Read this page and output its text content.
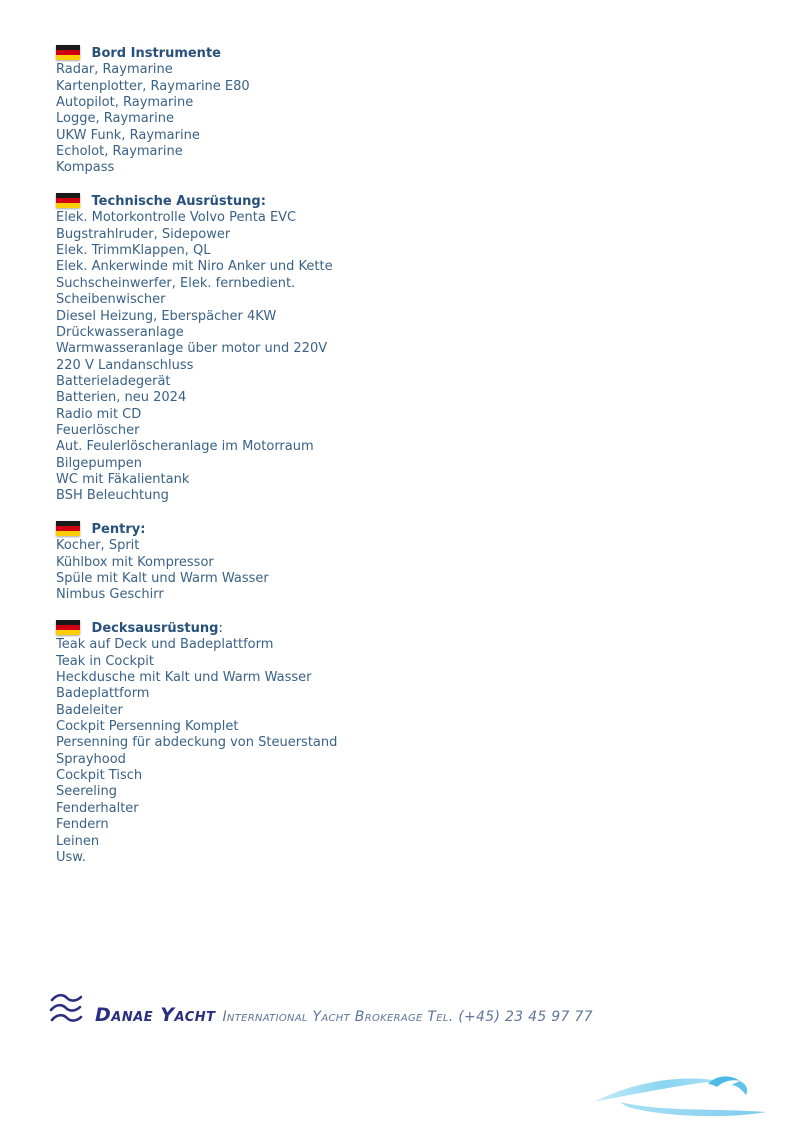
Bord Instrumente
Radar, Raymarine
Kartenplotter, Raymarine E80
Autopilot, Raymarine
Logge, Raymarine
UKW Funk, Raymarine
Echolot, Raymarine
Kompass
Technische Ausrüstung:
Elek. Motorkontrolle Volvo Penta EVC
Bugstrahlruder, Sidepower
Elek. TrimmKlappen, QL
Elek. Ankerwinde mit Niro Anker und Kette
Suchscheinwerfer, Elek. fernbedient.
Scheibenwischer
Diesel Heizung, Eberspächer 4KW
Drückwasseranlage
Warmwasseranlage über motor und 220V
220 V Landanschluss
Batterieladegerät
Batterien, neu 2024
Radio mit CD
Feuerlöscher
Aut. Feulerlöscheranlage im Motorraum
Bilgepumpen
WC mit Fäkalientank
BSH Beleuchtung
Pentry:
Kocher, Sprit
Kühlbox mit Kompressor
Spüle mit Kalt und Warm Wasser
Nimbus Geschirr
Decksausrüstung:
Teak auf Deck und Badeplattform
Teak in Cockpit
Heckdusche mit Kalt und Warm Wasser
Badeplattform
Badeleiter
Cockpit Persenning Komplet
Persenning für abdeckung von Steuerstand
Sprayhood
Cockpit Tisch
Seereling
Fenderhalter
Fendern
Leinen
Usw.
Danae Yacht International Yacht Brokerage Tel. (+45) 23 45 97 77
